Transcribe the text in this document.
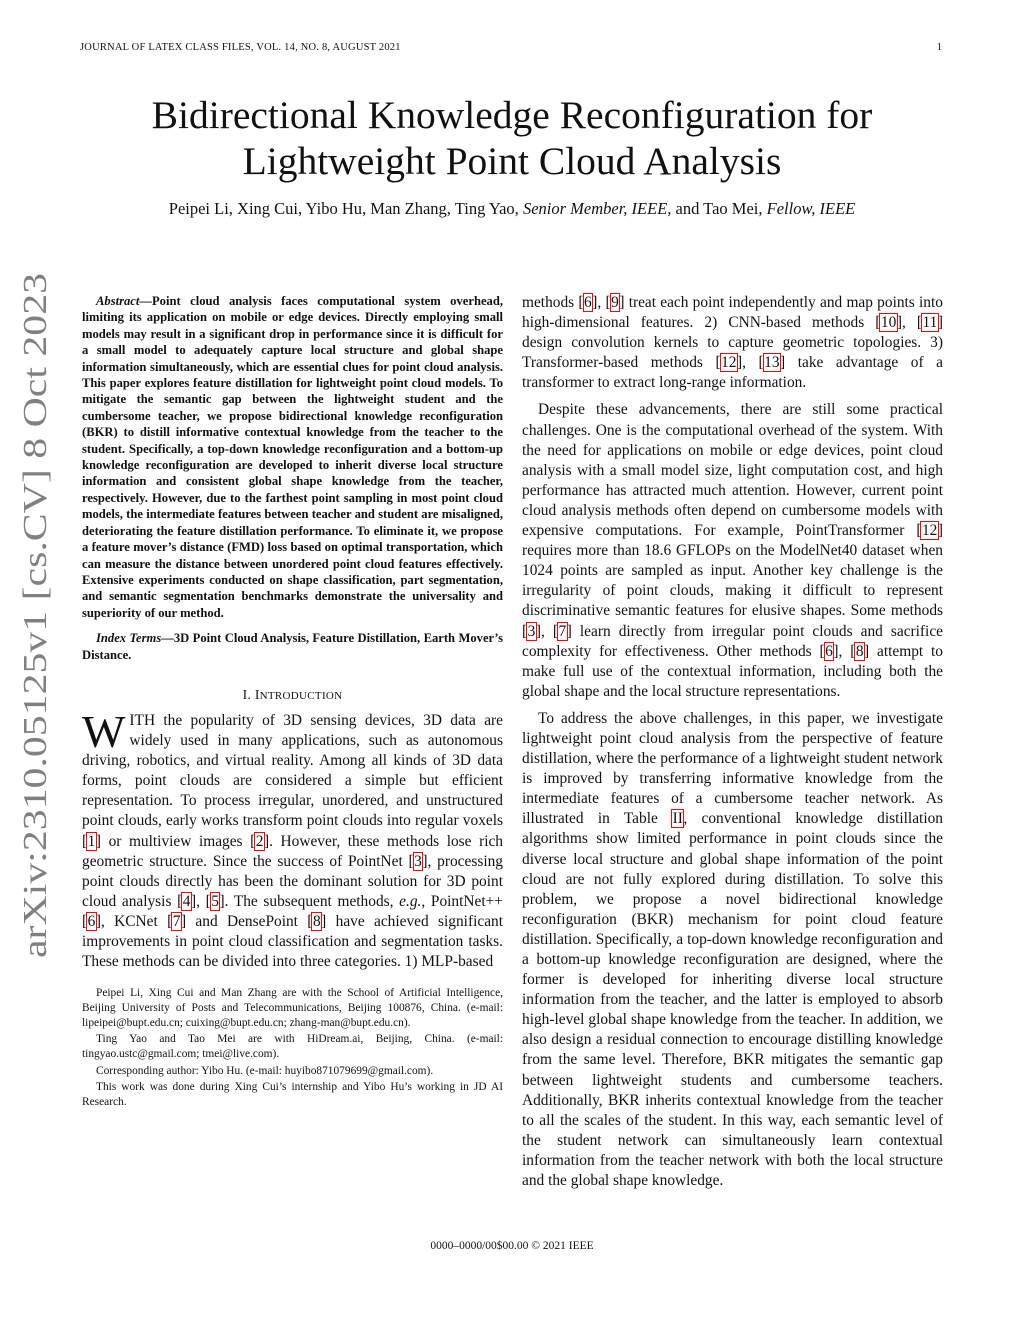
JOURNAL OF LATEX CLASS FILES, VOL. 14, NO. 8, AUGUST 2021	1
arXiv:2310.05125v1 [cs.CV] 8 Oct 2023
Bidirectional Knowledge Reconfiguration for
Lightweight Point Cloud Analysis
Peipei Li, Xing Cui, Yibo Hu, Man Zhang, Ting Yao, Senior Member, IEEE, and Tao Mei, Fellow, IEEE

Abstract—Point cloud analysis faces computational system overhead, limiting its application on mobile or edge devices. Directly employing small models may result in a significant drop in performance since it is difficult for a small model to adequately capture local structure and global shape information simultaneously, which are essential clues for point cloud analysis. This paper explores feature distillation for lightweight point cloud models. To mitigate the semantic gap between the lightweight student and the cumbersome teacher, we propose bidirectional knowledge reconfiguration (BKR) to distill informative contextual knowledge from the teacher to the student. Specifically, a top-down knowledge reconfiguration and a bottom-up knowledge reconfiguration are developed to inherit diverse local structure information and consistent global shape knowledge from the teacher, respectively. However, due to the farthest point sampling in most point cloud models, the intermediate features between teacher and student are misaligned, deteriorating the feature distillation performance. To eliminate it, we propose a feature mover’s distance (FMD) loss based on optimal transportation, which can measure the distance between unordered point cloud features effectively. Extensive experiments conducted on shape classification, part segmentation, and semantic segmentation benchmarks demonstrate the universality and superiority of our method.

Index Terms—3D Point Cloud Analysis, Feature Distillation, Earth Mover’s Distance.

I. INTRODUCTION

WITH the popularity of 3D sensing devices, 3D data are widely used in many applications, such as autonomous driving, robotics, and virtual reality. Among all kinds of 3D data forms, point clouds are considered a simple but efficient representation. To process irregular, unordered, and unstructured point clouds, early works transform point clouds into regular voxels [1] or multiview images [2]. However, these methods lose rich geometric structure. Since the success of PointNet [3], processing point clouds directly has been the dominant solution for 3D point cloud analysis [4], [5]. The subsequent methods, e.g., PointNet++ [6], KCNet [7] and DensePoint [8] have achieved significant improvements in point cloud classification and segmentation tasks. These methods can be divided into three categories. 1) MLP-based

Peipei Li, Xing Cui and Man Zhang are with the School of Artificial Intelligence, Beijing University of Posts and Telecommunications, Beijing 100876, China. (e-mail: lipeipei@bupt.edu.cn; cuixing@bupt.edu.cn; zhang-man@bupt.edu.cn).

Ting Yao and Tao Mei are with HiDream.ai, Beijing, China. (e-mail: tingyao.ustc@gmail.com; tmei@live.com).

Corresponding author: Yibo Hu. (e-mail: huyibo871079699@gmail.com).

This work was done during Xing Cui’s internship and Yibo Hu’s working in JD AI Research.

methods [6], [9] treat each point independently and map points into high-dimensional features. 2) CNN-based methods [10], [11] design convolution kernels to capture geometric topologies. 3) Transformer-based methods [12], [13] take advantage of a transformer to extract long-range information.

Despite these advancements, there are still some practical challenges. One is the computational overhead of the system. With the need for applications on mobile or edge devices, point cloud analysis with a small model size, light computation cost, and high performance has attracted much attention. However, current point cloud analysis methods often depend on cumbersome models with expensive computations. For example, PointTransformer [12] requires more than 18.6 GFLOPs on the ModelNet40 dataset when 1024 points are sampled as input. Another key challenge is the irregularity of point clouds, making it difficult to represent discriminative semantic features for elusive shapes. Some methods [3], [7] learn directly from irregular point clouds and sacrifice complexity for effectiveness. Other methods [6], [8] attempt to make full use of the contextual information, including both the global shape and the local structure representations.

To address the above challenges, in this paper, we investigate lightweight point cloud analysis from the perspective of feature distillation, where the performance of a lightweight student network is improved by transferring informative knowledge from the intermediate features of a cumbersome teacher network. As illustrated in Table II, conventional knowledge distillation algorithms show limited performance in point clouds since the diverse local structure and global shape information of the point cloud are not fully explored during distillation. To solve this problem, we propose a novel bidirectional knowledge reconfiguration (BKR) mechanism for point cloud feature distillation. Specifically, a top-down knowledge reconfiguration and a bottom-up knowledge reconfiguration are designed, where the former is developed for inheriting diverse local structure information from the teacher, and the latter is employed to absorb high-level global shape knowledge from the teacher. In addition, we also design a residual connection to encourage distilling knowledge from the same level. Therefore, BKR mitigates the semantic gap between lightweight students and cumbersome teachers. Additionally, BKR inherits contextual knowledge from the teacher to all the scales of the student. In this way, each semantic level of the student network can simultaneously learn contextual information from the teacher network with both the local structure and the global shape knowledge.

0000–0000/00$00.00 © 2021 IEEE
